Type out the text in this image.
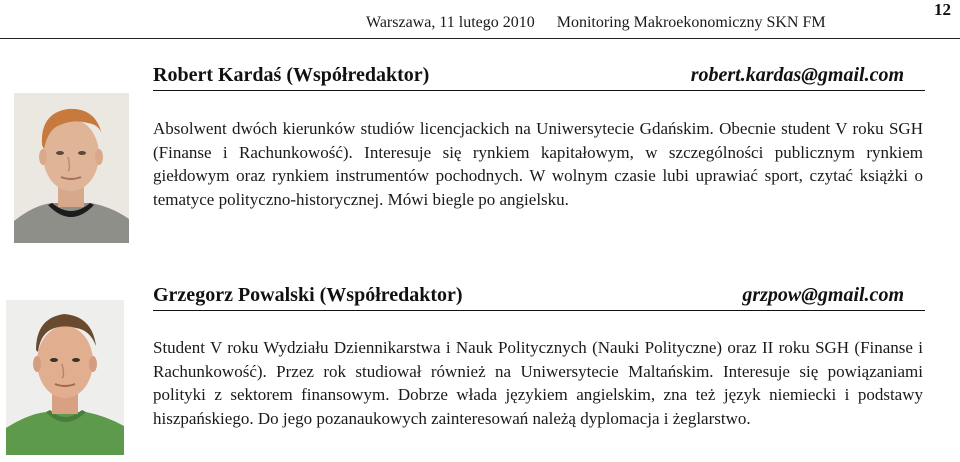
Warszawa, 11 lutego 2010 Monitoring Makroekonomiczny SKN FM
12
Robert Kardaś (Współredaktor)	robert.kardas@gmail.com

Absolwent dwóch kierunków studiów licencjackich na Uniwersytecie Gdańskim. Obecnie student V roku SGH (Finanse i Rachunkowość). Interesuje się rynkiem kapitałowym, w szczególności publicznym rynkiem giełdowym oraz rynkiem instrumentów pochodnych. W wolnym czasie lubi uprawiać sport, czytać książki o tematyce polityczno-historycznej. Mówi biegle po angielsku.

Grzegorz Powalski (Współredaktor)	grzpow@gmail.com

Student V roku Wydziału Dziennikarstwa i Nauk Politycznych (Nauki Polityczne) oraz II roku SGH (Finanse i Rachunkowość). Przez rok studiował również na Uniwersytecie Maltańskim. Interesuje się powiązaniami polityki z sektorem finansowym. Dobrze włada językiem angielskim, zna też język niemiecki i podstawy hiszpańskiego. Do jego pozanaukowych zainteresowań należą dyplomacja i żeglarstwo.
